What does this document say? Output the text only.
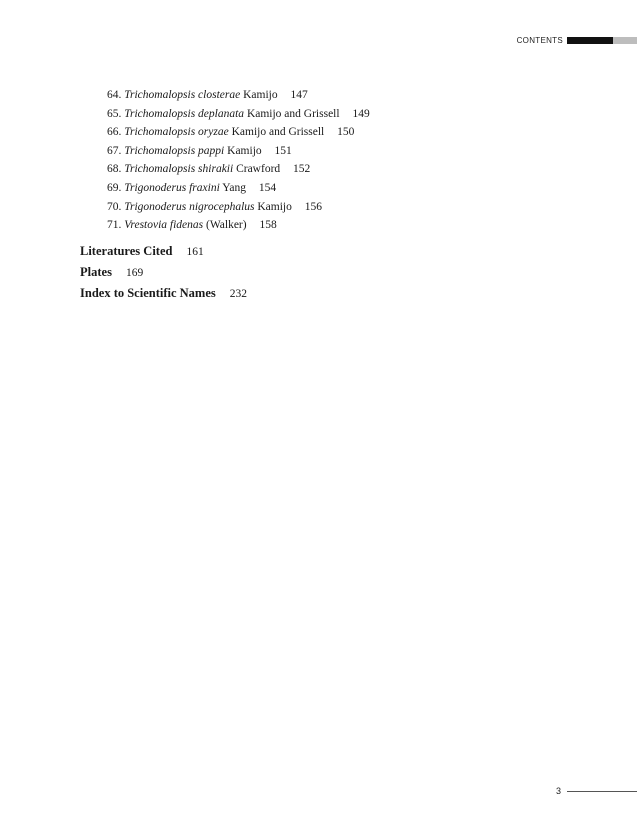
CONTENTS
64. Trichomalopsis closterae Kamijo 147
65. Trichomalopsis deplanata Kamijo and Grissell 149
66. Trichomalopsis oryzae Kamijo and Grissell 150
67. Trichomalopsis pappi Kamijo 151
68. Trichomalopsis shirakii Crawford 152
69. Trigonoderus fraxini Yang 154
70. Trigonoderus nigrocephalus Kamijo 156
71. Vrestovia fidenas (Walker) 158
Literatures Cited 161
Plates 169
Index to Scientific Names 232
3
